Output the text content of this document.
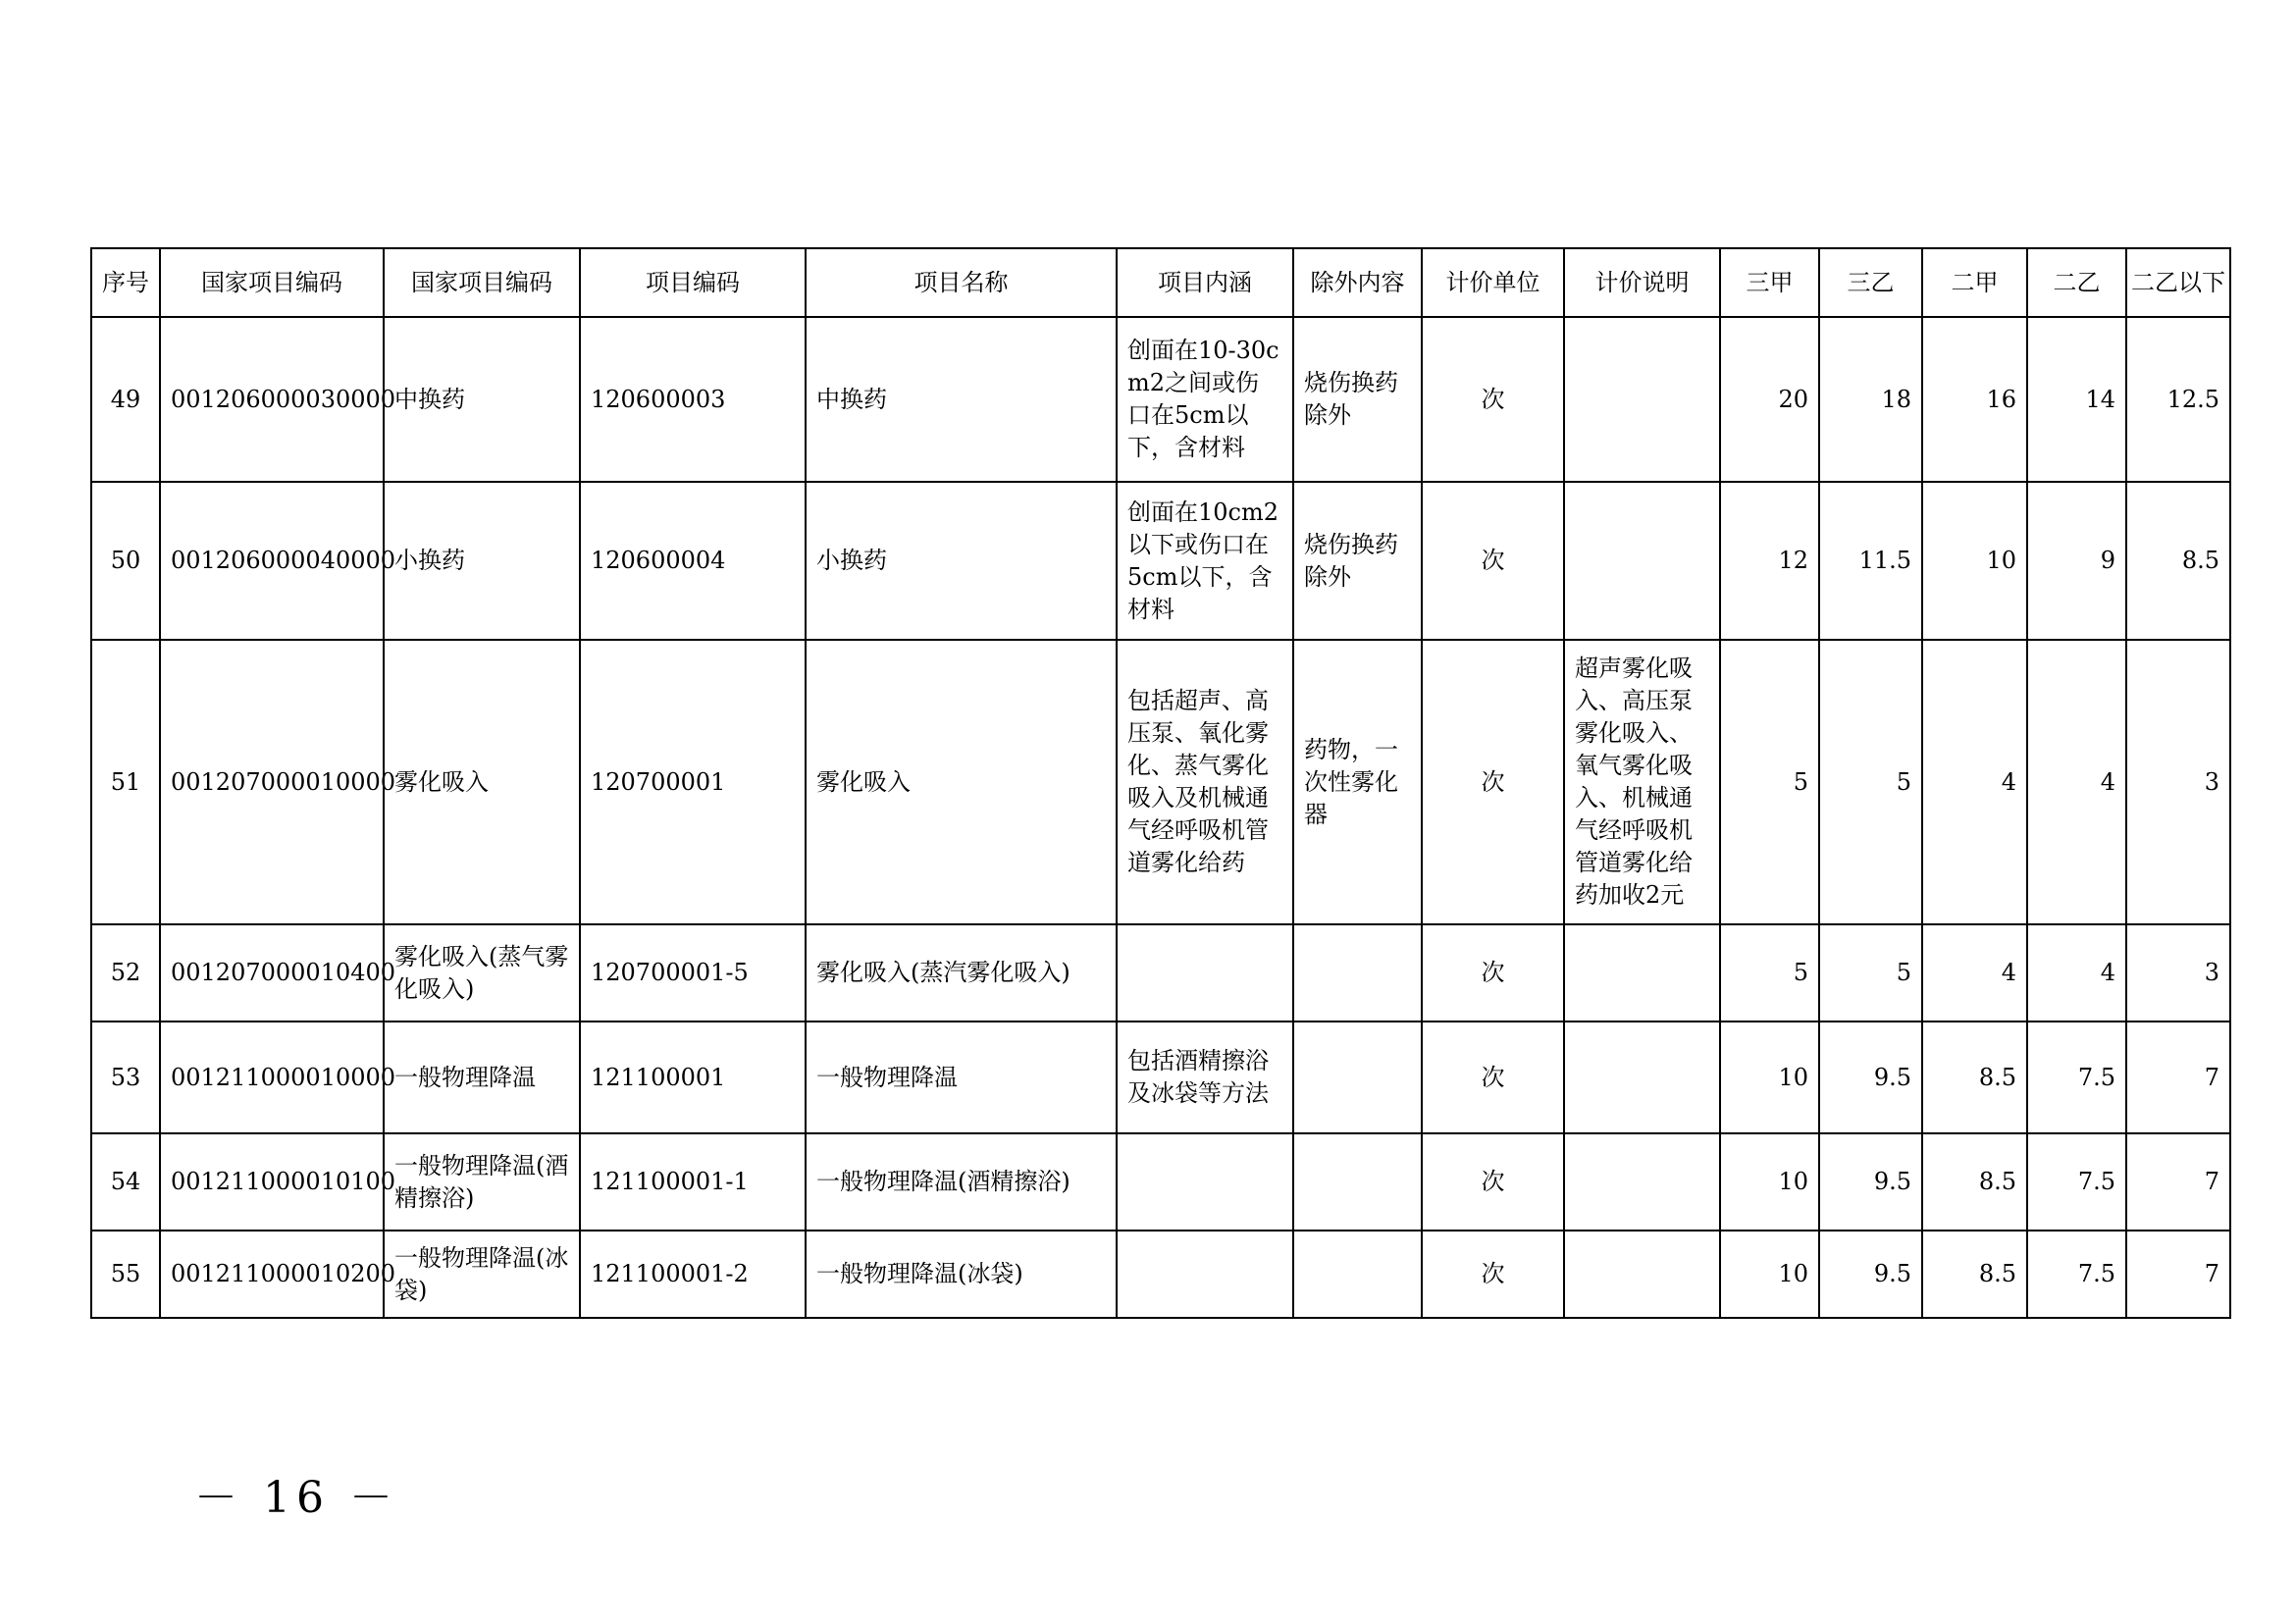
序号	国家项目编码	国家项目编码	项目编码	项目名称	项目内涵	除外内容	计价单位	计价说明	三甲	三乙	二甲	二乙	二乙以下
49	001206000030000	中换药	120600003	中换药	创面在10-30cm2之间或伤口在5cm以下，含材料	烧伤换药除外	次		20	18	16	14	12.5
50	001206000040000	小换药	120600004	小换药	创面在10cm2以下或伤口在5cm以下，含材料	烧伤换药除外	次		12	11.5	10	9	8.5
51	001207000010000	雾化吸入	120700001	雾化吸入	包括超声、高压泵、氧化雾化、蒸气雾化吸入及机械通气经呼吸机管道雾化给药	药物，一次性雾化器	次	超声雾化吸入、高压泵雾化吸入、氧气雾化吸入、机械通气经呼吸机管道雾化给药加收2元	5	5	4	4	3
52	001207000010400	雾化吸入(蒸气雾化吸入)	120700001-5	雾化吸入(蒸汽雾化吸入)			次		5	5	4	4	3
53	001211000010000	一般物理降温	121100001	一般物理降温	包括酒精擦浴及冰袋等方法		次		10	9.5	8.5	7.5	7
54	001211000010100	一般物理降温(酒精擦浴)	121100001-1	一般物理降温(酒精擦浴)			次		10	9.5	8.5	7.5	7
55	001211000010200	一般物理降温(冰袋)	121100001-2	一般物理降温(冰袋)			次		10	9.5	8.5	7.5	7
－ 16 －
